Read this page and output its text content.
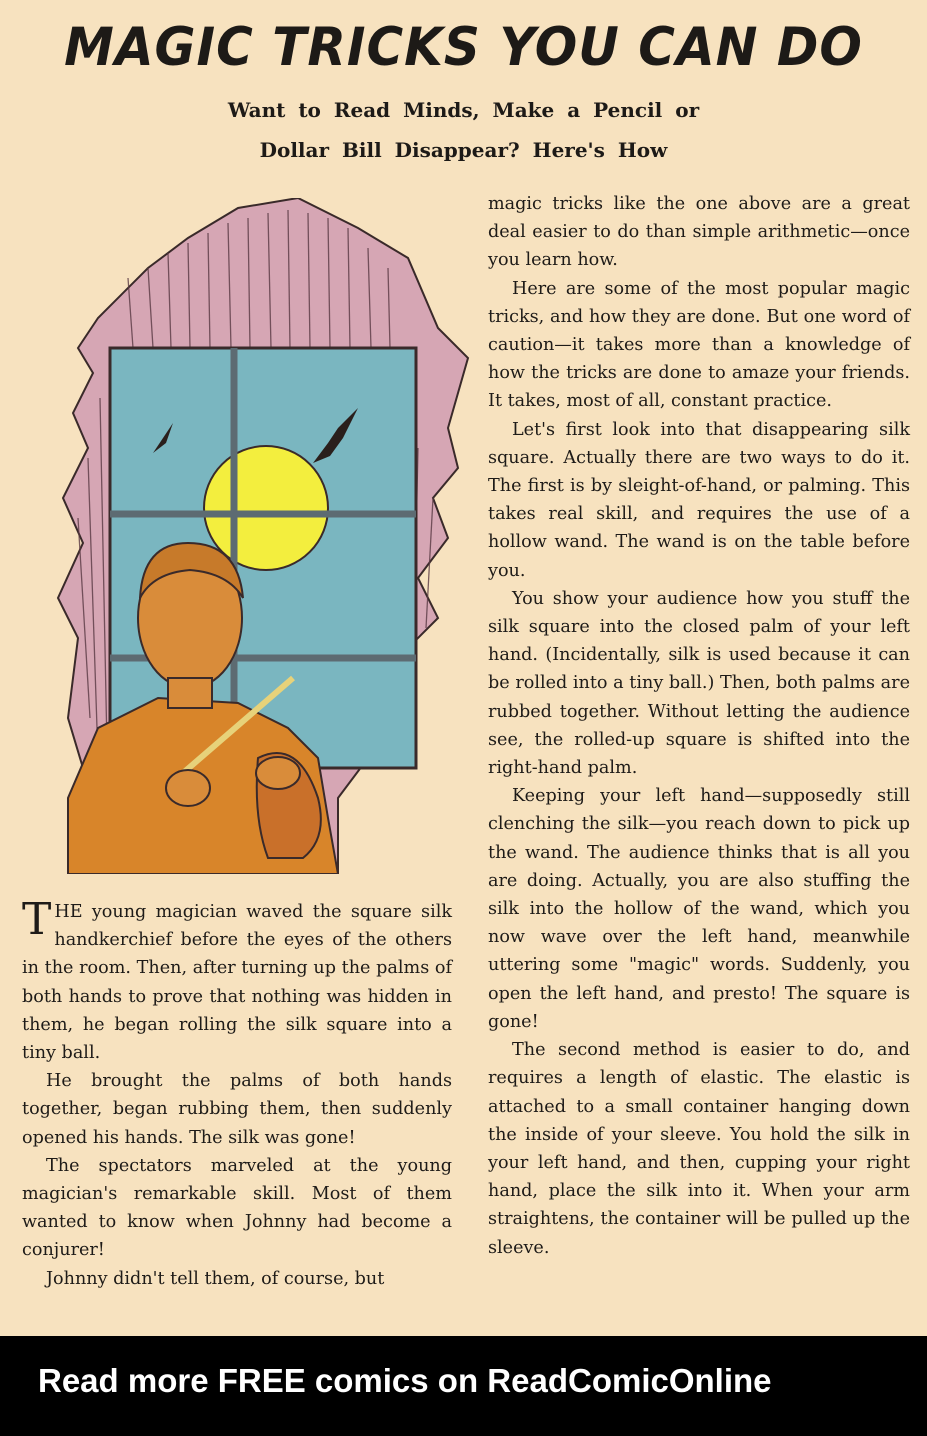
MAGIC TRICKS YOU CAN DO
Want to Read Minds, Make a Pencil or
Dollar Bill Disappear? Here's How

THE young magician waved the square silk handkerchief before the eyes of the others in the room. Then, after turning up the palms of both hands to prove that nothing was hidden in them, he began rolling the silk square into a tiny ball.

He brought the palms of both hands together, began rubbing them, then suddenly opened his hands. The silk was gone!

The spectators marveled at the young magician's remarkable skill. Most of them wanted to know when Johnny had become a conjurer!

Johnny didn't tell them, of course, but

magic tricks like the one above are a great deal easier to do than simple arithmetic—once you learn how.

Here are some of the most popular magic tricks, and how they are done. But one word of caution—it takes more than a knowledge of how the tricks are done to amaze your friends. It takes, most of all, constant practice.

Let's first look into that disappearing silk square. Actually there are two ways to do it. The first is by sleight-of-hand, or palming. This takes real skill, and requires the use of a hollow wand. The wand is on the table before you.

You show your audience how you stuff the silk square into the closed palm of your left hand. (Incidentally, silk is used because it can be rolled into a tiny ball.) Then, both palms are rubbed together. Without letting the audience see, the rolled-up square is shifted into the right-hand palm.

Keeping your left hand—supposedly still clenching the silk—you reach down to pick up the wand. The audience thinks that is all you are doing. Actually, you are also stuffing the silk into the hollow of the wand, which you now wave over the left hand, meanwhile uttering some "magic" words. Suddenly, you open the left hand, and presto! The square is gone!

The second method is easier to do, and requires a length of elastic. The elastic is attached to a small container hanging down the inside of your sleeve. You hold the silk in your left hand, and then, cupping your right hand, place the silk into it. When your arm straightens, the container will be pulled up the sleeve.

Read more FREE comics on ReadComicOnline
